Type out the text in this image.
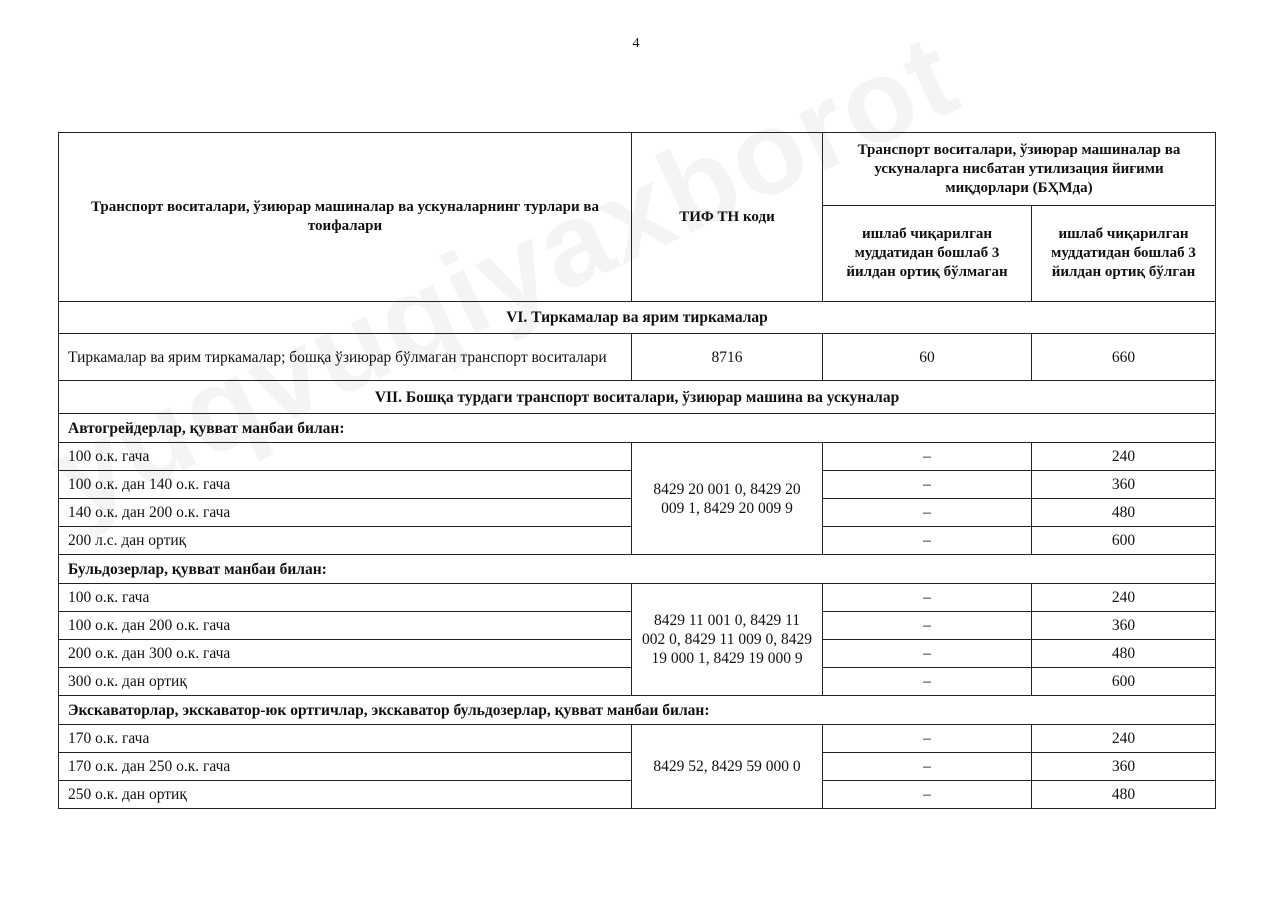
4
Транспорт воситалари, ўзиюрар машиналар ва ускуналарнинг турлари ва тоифалари	ТИФ ТН коди	Транспорт воситалари, ўзиюрар машиналар ва ускуналарга нисбатан утилизация йиғими миқдорлари (БҲМда)	
		ишлаб чиқарилган муддатидан бошлаб 3 йилдан ортиқ бўлмаган	ишлаб чиқарилган муддатидан бошлаб 3 йилдан ортиқ бўлган
VI. Тиркамалар ва ярим тиркамалар			
Тиркамалар ва ярим тиркамалар; бошқа ўзиюрар бўлмаган транспорт воситалари	8716	60	660
VII. Бошқа турдаги транспорт воситалари, ўзиюрар машина ва ускуналар			
Автогрейдерлар, қувват манбаи билан:			
100 о.к. гача	8429 20 001 0, 8429 20 009 1, 8429 20 009 9	–	240
100 о.к. дан 140 о.к. гача		–	360
140 о.к. дан 200 о.к. гача		–	480
200 л.с. дан ортиқ		–	600
Бульдозерлар, қувват манбаи билан:			
100 о.к. гача	8429 11 001 0, 8429 11 002 0, 8429 11 009 0, 8429 19 000 1, 8429 19 000 9	–	240
100 о.к. дан 200 о.к. гача		–	360
200 о.к. дан 300 о.к. гача		–	480
300 о.к. дан ортиқ		–	600
Экскаваторлар, экскаватор-юк ортгичлар, экскаватор бульдозерлар, қувват манбаи билан:			
170 о.к. гача	8429 52, 8429 59 000 0	–	240
170 о.к. дан 250 о.к. гача		–	360
250 о.к. дан ортиқ		–	480
